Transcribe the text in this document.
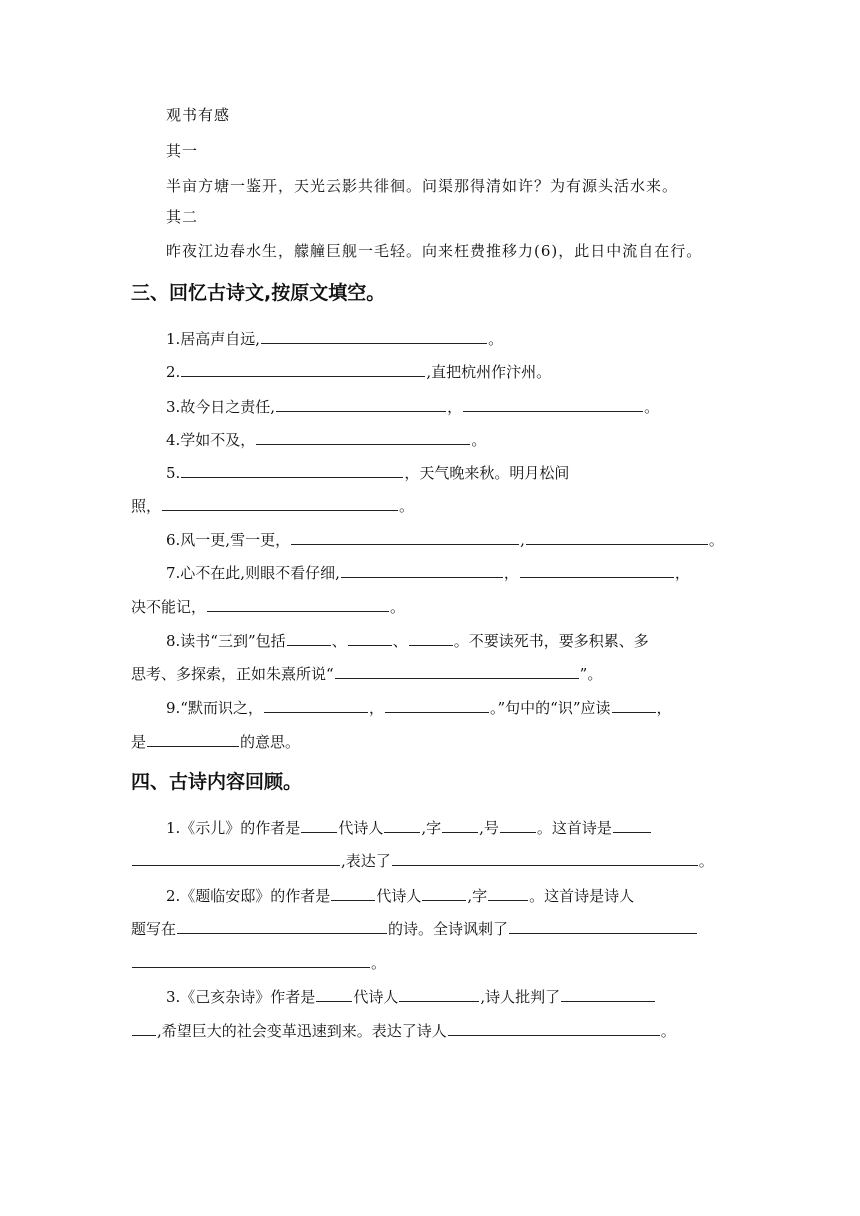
观书有感
其一
半亩方塘一鉴开，天光云影共徘徊。问渠那得清如许？为有源头活水来。
其二
昨夜江边春水生，艨艟巨舰一毛轻。向来枉费推移力(6)，此日中流自在行。
三、回忆古诗文,按原文填空。
1.居高声自远,	。
2.	,直把杭州作汴州。
3.故今日之责任,	，	。
4.学如不及，	。
5.	，天气晚来秋。明月松间
照，	。
6.风一更,雪一更，	,	。
7.心不在此,则眼不看仔细,	，	，
决不能记，	。
8.读书“三到”包括	、	、	。不要读死书，要多积累、多
思考、多探索，正如朱熹所说“	”。
9.“默而识之，	，	。”句中的“识”应读	，
是	的意思。
四、古诗内容回顾。
1.《示儿》的作者是	代诗人	,字	,号	。这首诗是
,表达了	。
2.《题临安邸》的作者是	代诗人	,字	。这首诗是诗人
题写在	的诗。全诗讽刺了
。
3.《己亥杂诗》作者是	代诗人	,诗人批判了
,希望巨大的社会变革迅速到来。表达了诗人	。
